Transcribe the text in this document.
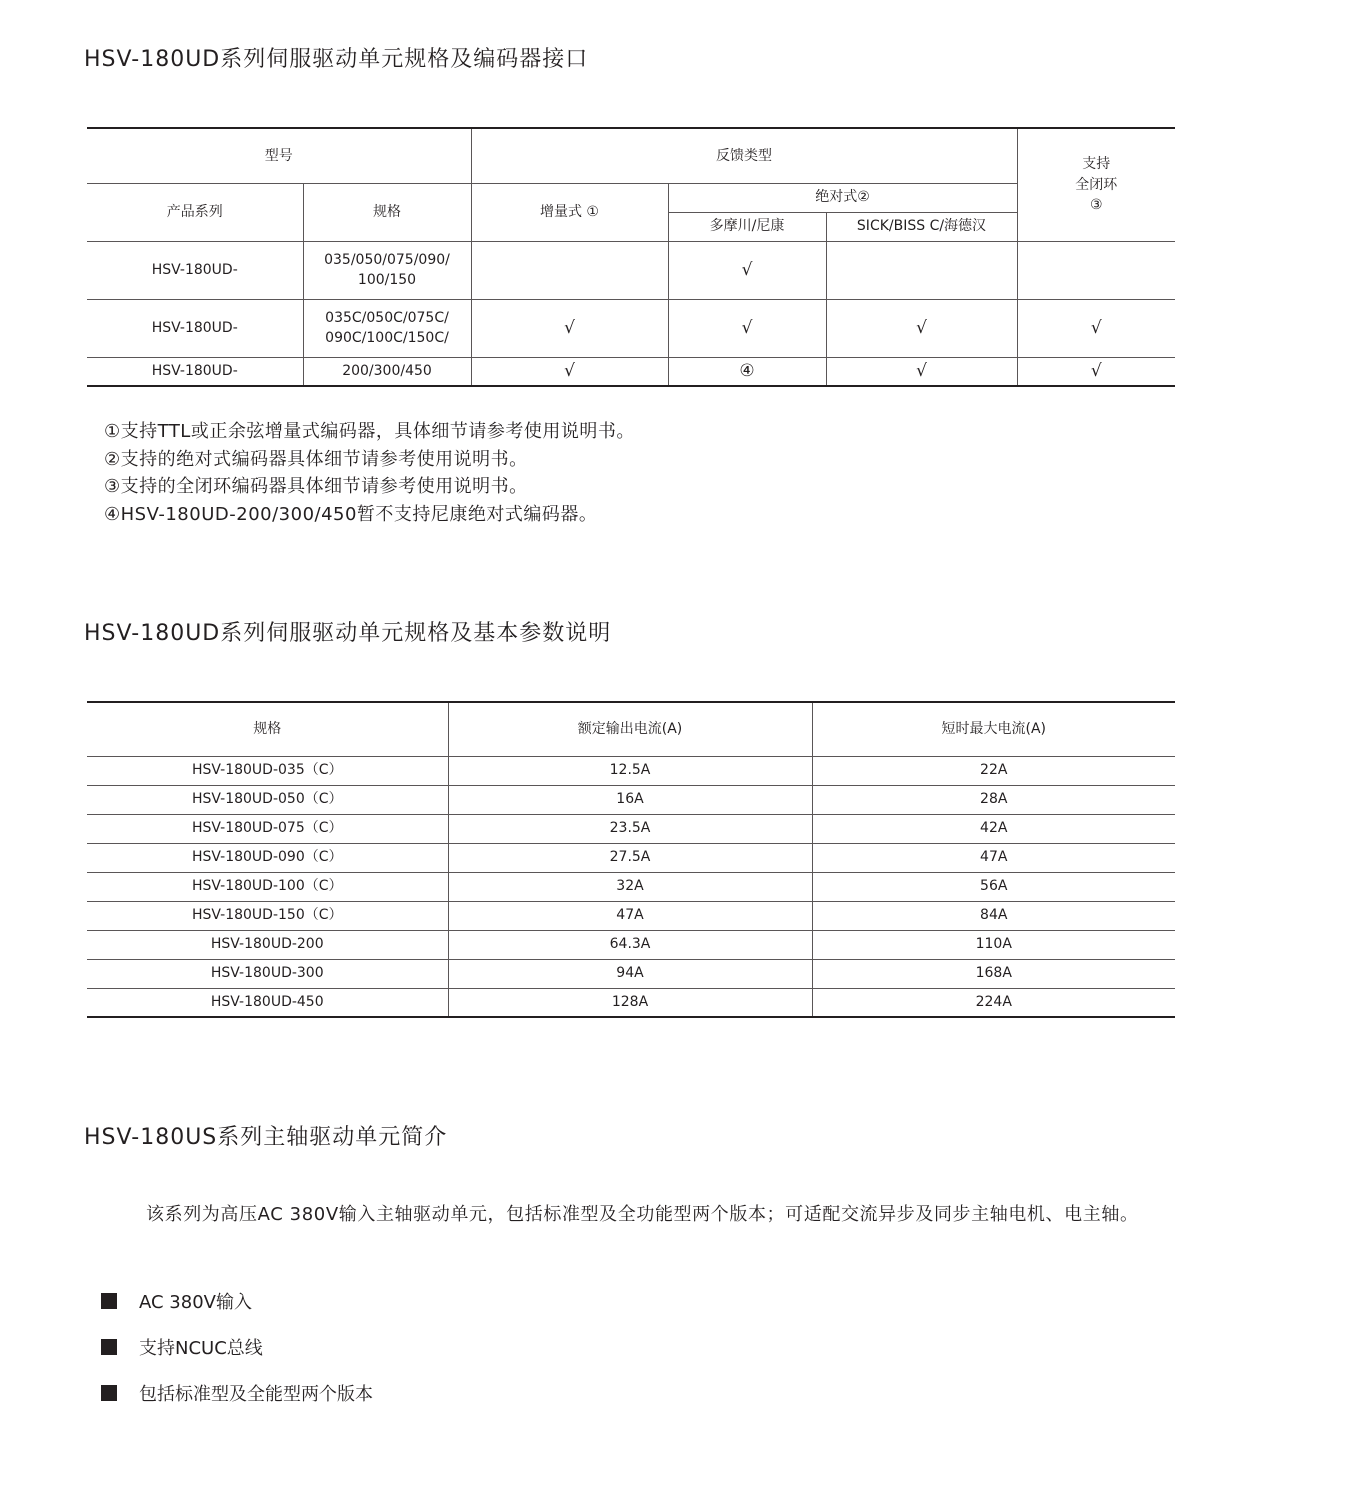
HSV-180UD系列伺服驱动单元规格及编码器接口
型号		反馈类型			支持
全闭环
③

产品系列	规格	增量式 ①	绝对式②		
			多摩川/尼康	SICK/BISS C/海德汉	
HSV-180UD-	035/050/075/090/
100/150		√		
HSV-180UD-	035C/050C/075C/
090C/100C/150C/	√	√	√	√
HSV-180UD-	200/300/450	√	④	√	√
①支持TTL或正余弦增量式编码器，具体细节请参考使用说明书。
②支持的绝对式编码器具体细节请参考使用说明书。
③支持的全闭环编码器具体细节请参考使用说明书。
④HSV-180UD-200/300/450暂不支持尼康绝对式编码器。
HSV-180UD系列伺服驱动单元规格及基本参数说明
规格	额定输出电流(A)	短时最大电流(A)
HSV-180UD-035（C）	12.5A	22A
HSV-180UD-050（C）	16A	28A
HSV-180UD-075（C）	23.5A	42A
HSV-180UD-090（C）	27.5A	47A
HSV-180UD-100（C）	32A	56A
HSV-180UD-150（C）	47A	84A
HSV-180UD-200	64.3A	110A
HSV-180UD-300	94A	168A
HSV-180UD-450	128A	224A
HSV-180US系列主轴驱动单元简介
该系列为高压AC 380V输入主轴驱动单元，包括标准型及全功能型两个版本；可适配交流异步及同步主轴电机、电主轴。
AC 380V输入
支持NCUC总线
包括标准型及全能型两个版本
